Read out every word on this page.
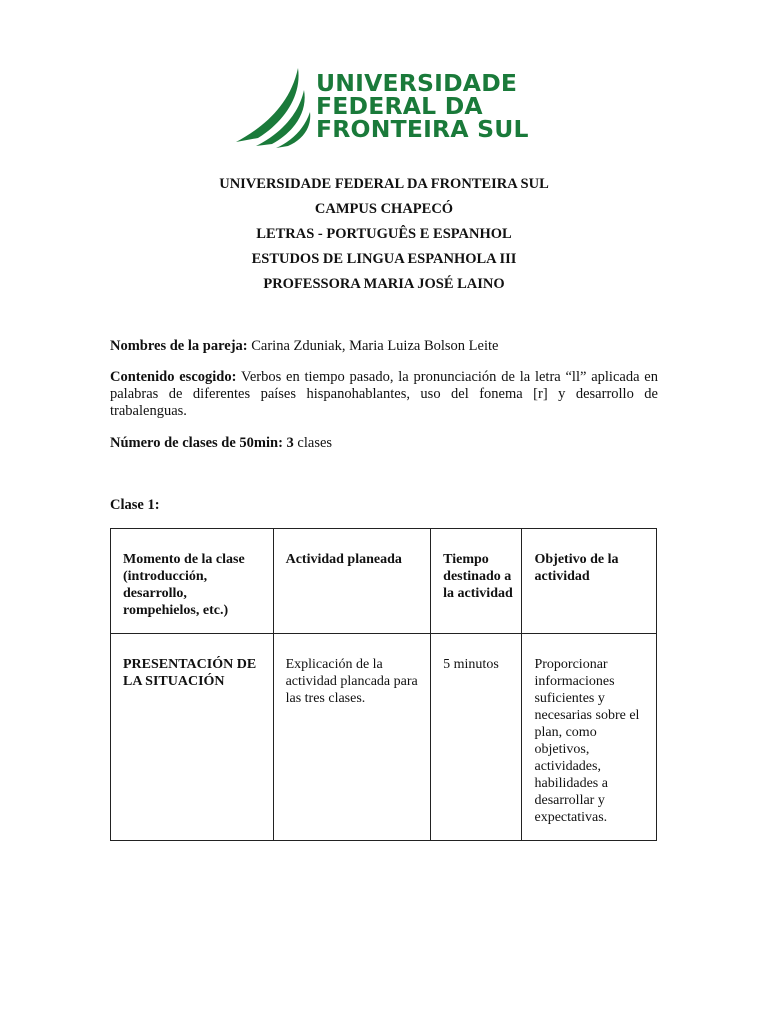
UNIVERSIDADE
FEDERAL DA
FRONTEIRA SUL
UNIVERSIDADE FEDERAL DA FRONTEIRA SUL
CAMPUS CHAPECÓ
LETRAS - PORTUGUÊS E ESPANHOL
ESTUDOS DE LINGUA ESPANHOLA III
PROFESSORA MARIA JOSÉ LAINO
Nombres de la pareja: Carina Zduniak, Maria Luiza Bolson Leite
Contenido escogido: Verbos en tiempo pasado, la pronunciación de la letra “ll” aplicada en palabras de diferentes países hispanohablantes, uso del fonema [r] y desarrollo de trabalenguas.
Número de clases de 50min: 3 clases
Clase 1:
Momento de la clase (introducción, desarrollo, rompehielos, etc.)	Actividad planeada	Tiempo destinado a la actividad	Objetivo de la actividad
PRESENTACIÓN DE LA SITUACIÓN	Explicación de la actividad plancada para las tres clases.	5 minutos	Proporcionar informaciones suficientes y necesarias sobre el plan, como objetivos, actividades, habilidades a desarrollar y expectativas.
